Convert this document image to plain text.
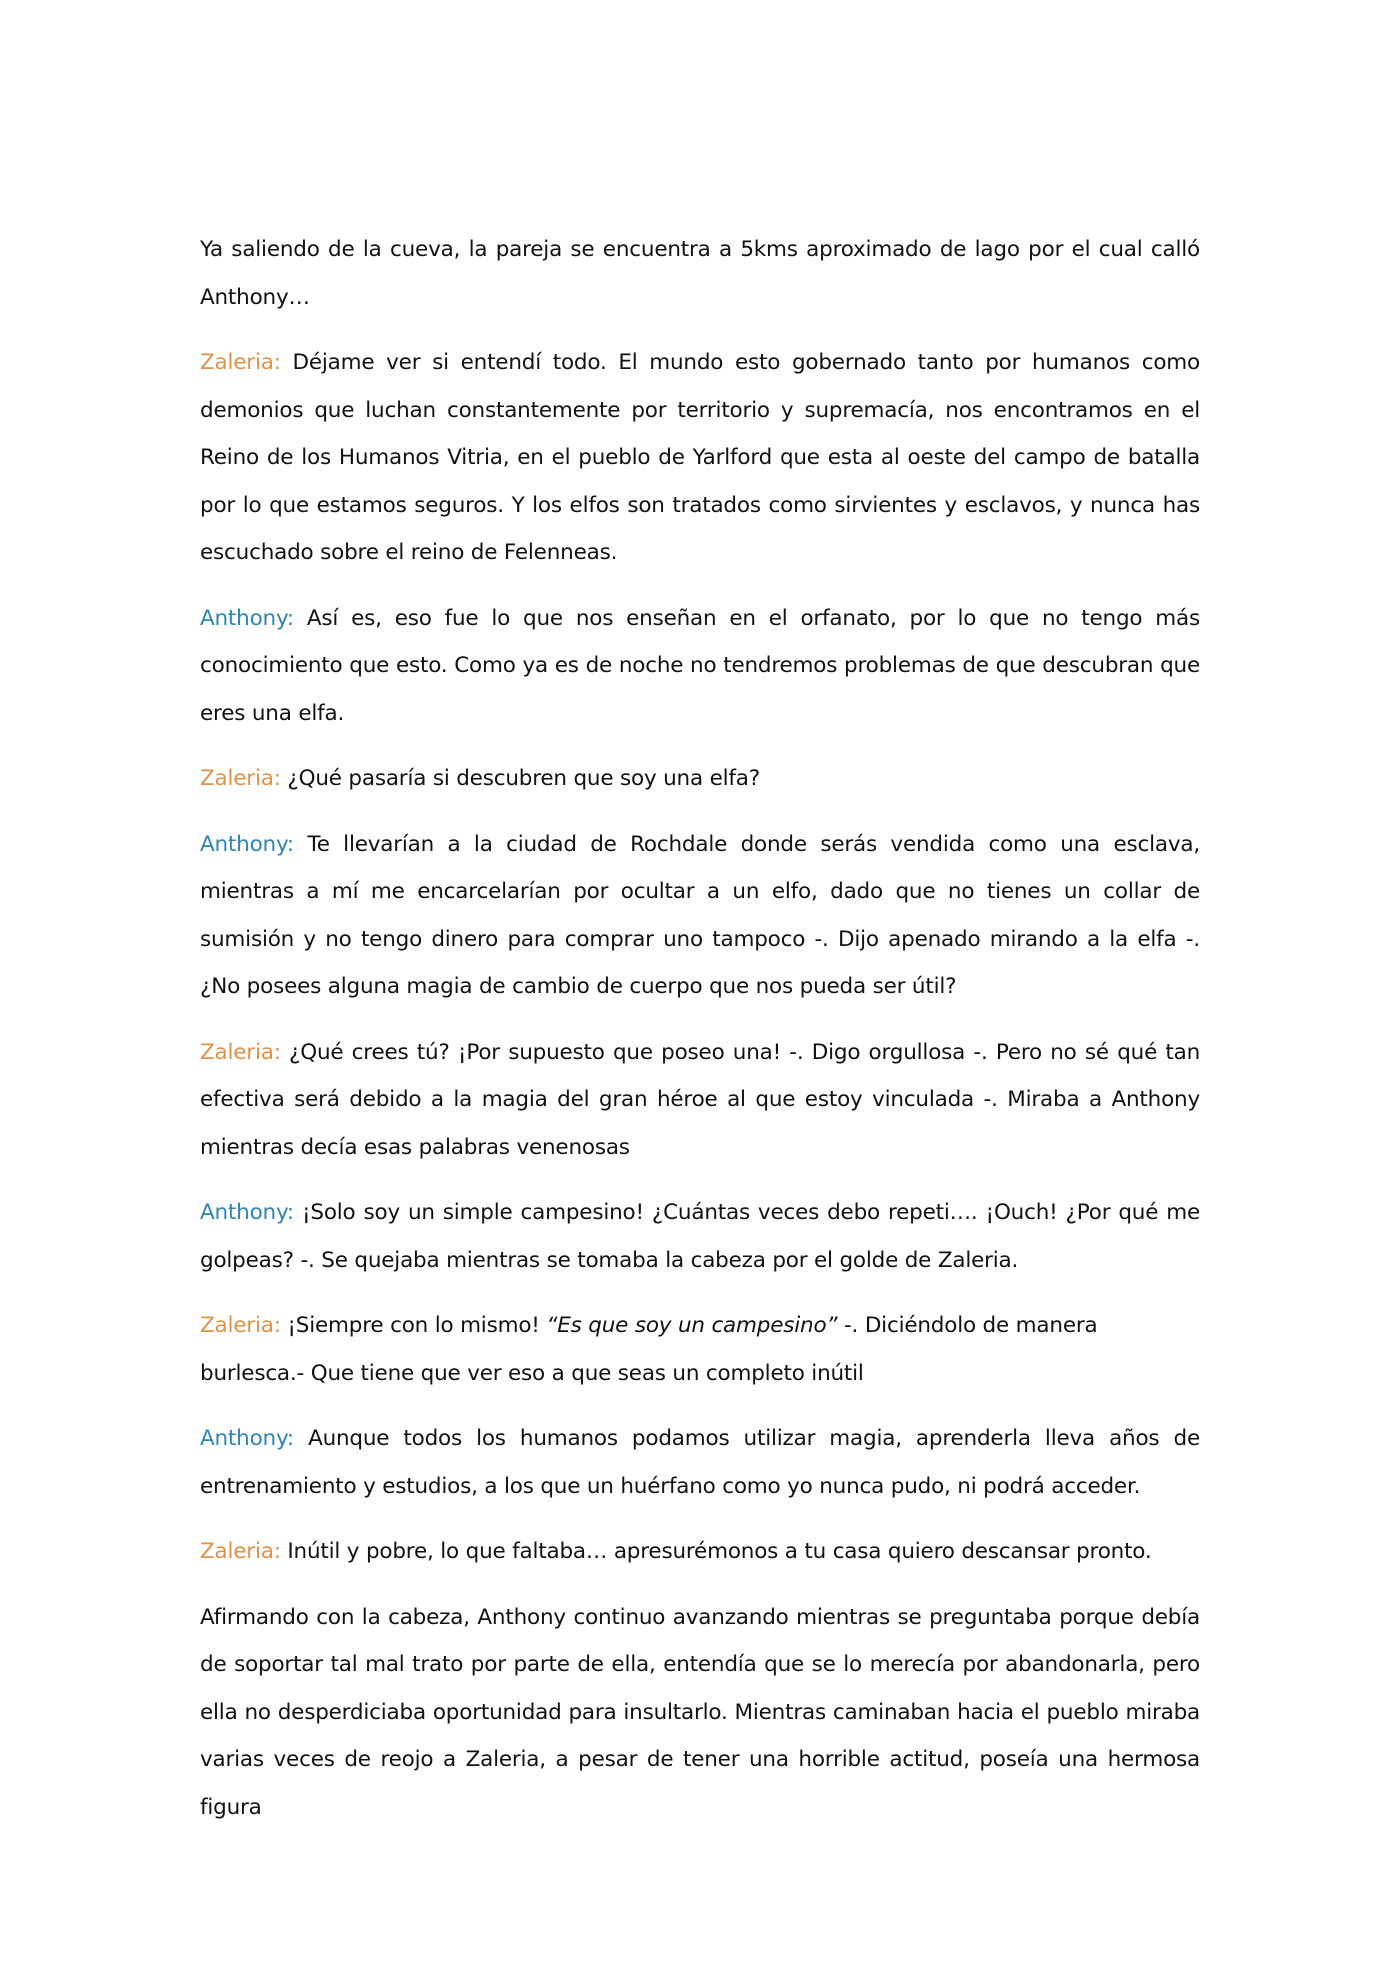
Ya saliendo de la cueva, la pareja se encuentra a 5kms aproximado de lago por el cual calló Anthony…

Zaleria: Déjame ver si entendí todo. El mundo esto gobernado tanto por humanos como demonios que luchan constantemente por territorio y supremacía, nos encontramos en el Reino de los Humanos Vitria, en el pueblo de Yarlford que esta al oeste del campo de batalla por lo que estamos seguros. Y los elfos son tratados como sirvientes y esclavos, y nunca has escuchado sobre el reino de Felenneas.

Anthony: Así es, eso fue lo que nos enseñan en el orfanato, por lo que no tengo más conocimiento que esto. Como ya es de noche no tendremos problemas de que descubran que eres una elfa.

Zaleria: ¿Qué pasaría si descubren que soy una elfa?

Anthony: Te llevarían a la ciudad de Rochdale donde serás vendida como una esclava, mientras a mí me encarcelarían por ocultar a un elfo, dado que no tienes un collar de sumisión y no tengo dinero para comprar uno tampoco -. Dijo apenado mirando a la elfa -. ¿No posees alguna magia de cambio de cuerpo que nos pueda ser útil?

Zaleria: ¿Qué crees tú? ¡Por supuesto que poseo una! -. Digo orgullosa -. Pero no sé qué tan efectiva será debido a la magia del gran héroe al que estoy vinculada -. Miraba a Anthony mientras decía esas palabras venenosas

Anthony: ¡Solo soy un simple campesino! ¿Cuántas veces debo repeti…. ¡Ouch! ¿Por qué me golpeas? -. Se quejaba mientras se tomaba la cabeza por el golde de Zaleria.

Zaleria: ¡Siempre con lo mismo! “Es que soy un campesino” -. Diciéndolo de manera burlesca.- Que tiene que ver eso a que seas un completo inútil

Anthony: Aunque todos los humanos podamos utilizar magia, aprenderla lleva años de entrenamiento y estudios, a los que un huérfano como yo nunca pudo, ni podrá acceder.

Zaleria: Inútil y pobre, lo que faltaba… apresurémonos a tu casa quiero descansar pronto.

Afirmando con la cabeza, Anthony continuo avanzando mientras se preguntaba porque debía de soportar tal mal trato por parte de ella, entendía que se lo merecía por abandonarla, pero ella no desperdiciaba oportunidad para insultarlo. Mientras caminaban hacia el pueblo miraba varias veces de reojo a Zaleria, a pesar de tener una horrible actitud, poseía una hermosa figura
